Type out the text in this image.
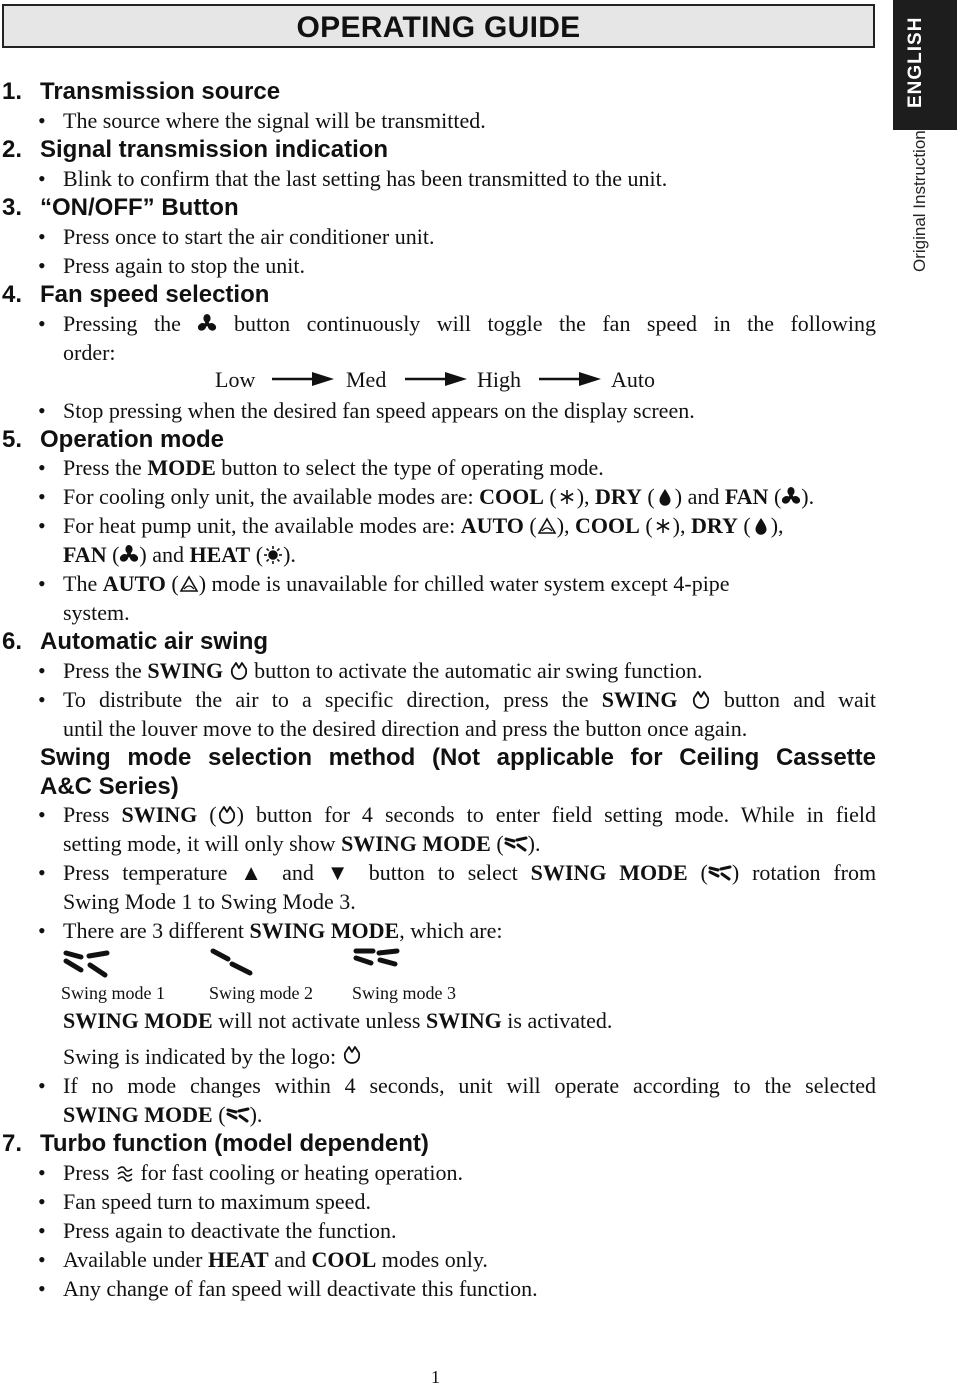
OPERATING GUIDE	ENGLISH
Original Instruction
1. Transmission source
• The source where the signal will be transmitted.
2. Signal transmission indication
• Blink to confirm that the last setting has been transmitted to the unit.
3. “ON/OFF” Button
• Press once to start the air conditioner unit.
• Press again to stop the unit.
4. Fan speed selection
• Pressing the button continuously will toggle the fan speed in the following
order:
Low	Med	High	Auto
• Stop pressing when the desired fan speed appears on the display screen.
5. Operation mode
• Press the MODE button to select the type of operating mode.
• For cooling only unit, the available modes are: COOL ( ), DRY ( ) and FAN ( ).
• For heat pump unit, the available modes are: AUTO ( ), COOL ( ), DRY ( ),
FAN ( ) and HEAT ( ).
• The AUTO ( ) mode is unavailable for chilled water system except 4-pipe
system.
6. Automatic air swing
• Press the SWING button to activate the automatic air swing function.
• To distribute the air to a specific direction, press the SWING button and wait
until the louver move to the desired direction and press the button once again.
Swing mode selection method (Not applicable for Ceiling Cassette
A&C Series)
• Press SWING ( ) button for 4 seconds to enter field setting mode. While in field
setting mode, it will only show SWING MODE ( ).
• Press temperature ▲ and ▼ button to select SWING MODE ( ) rotation from
Swing Mode 1 to Swing Mode 3.
• There are 3 different SWING MODE, which are:
Swing mode 1 Swing mode 2 Swing mode 3
SWING MODE will not activate unless SWING is activated.
Swing is indicated by the logo:
• If no mode changes within 4 seconds, unit will operate according to the selected
SWING MODE ( ).
7. Turbo function (model dependent)
• Press for fast cooling or heating operation.
• Fan speed turn to maximum speed.
• Press again to deactivate the function.
• Available under HEAT and COOL modes only.
• Any change of fan speed will deactivate this function.
1
